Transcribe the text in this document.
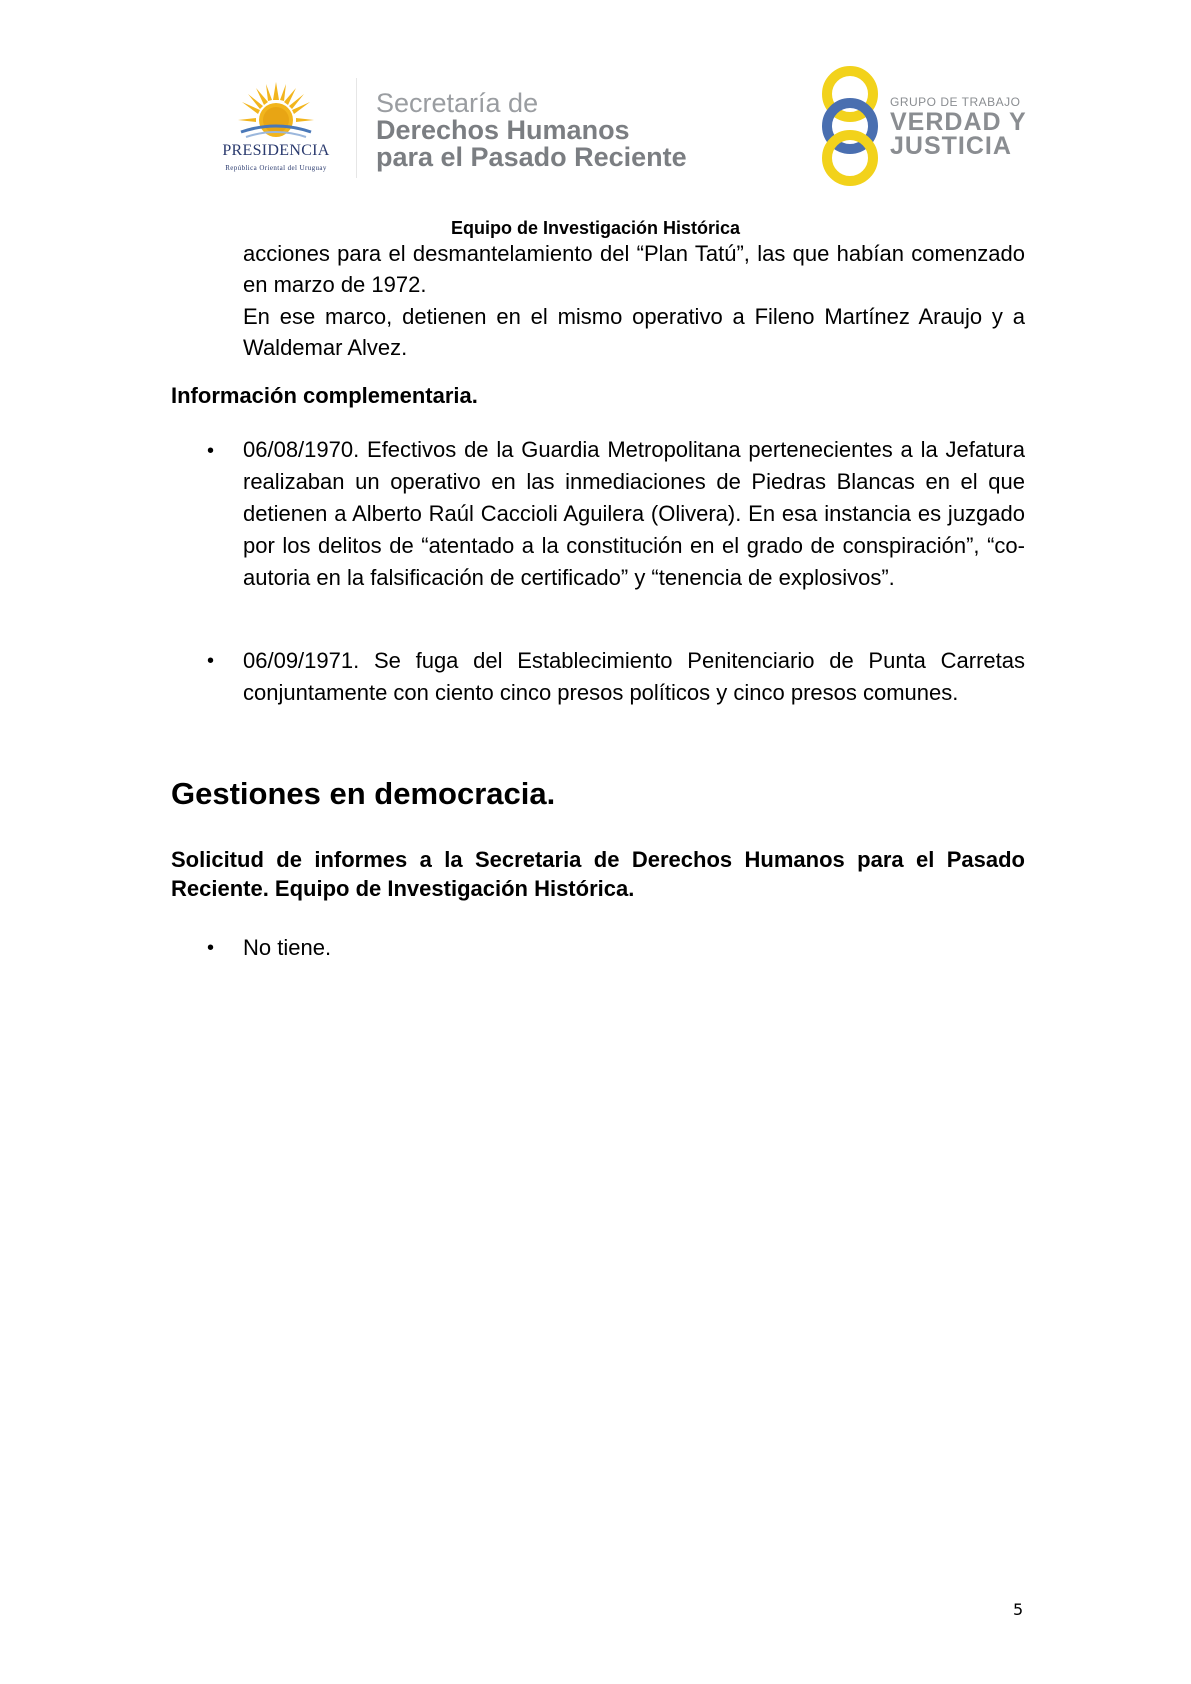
PRESIDENCIA
República Oriental del Uruguay
Secretaría de
Derechos Humanos
para el Pasado Reciente
GRUPO DE TRABAJO
VERDAD Y
JUSTICIA
Equipo de Investigación Histórica
acciones para el desmantelamiento del “Plan Tatú”, las que habían comenzado en marzo de 1972.
En ese marco, detienen en el mismo operativo a Fileno Martínez Araujo y a Waldemar Alvez.
Información complementaria.
• 06/08/1970. Efectivos de la Guardia Metropolitana pertenecientes a la Jefatura realizaban un operativo en las inmediaciones de Piedras Blancas en el que detienen a Alberto Raúl Caccioli Aguilera (Olivera). En esa instancia es juzgado por los delitos de “atentado a la constitución en el grado de conspiración”, “co- autoria en la falsificación de certificado” y “tenencia de explosivos”.
• 06/09/1971. Se fuga del Establecimiento Penitenciario de Punta Carretas conjuntamente con ciento cinco presos políticos y cinco presos comunes.
Gestiones en democracia.
Solicitud de informes a la Secretaria de Derechos Humanos para el Pasado Reciente. Equipo de Investigación Histórica.
• No tiene.
5
